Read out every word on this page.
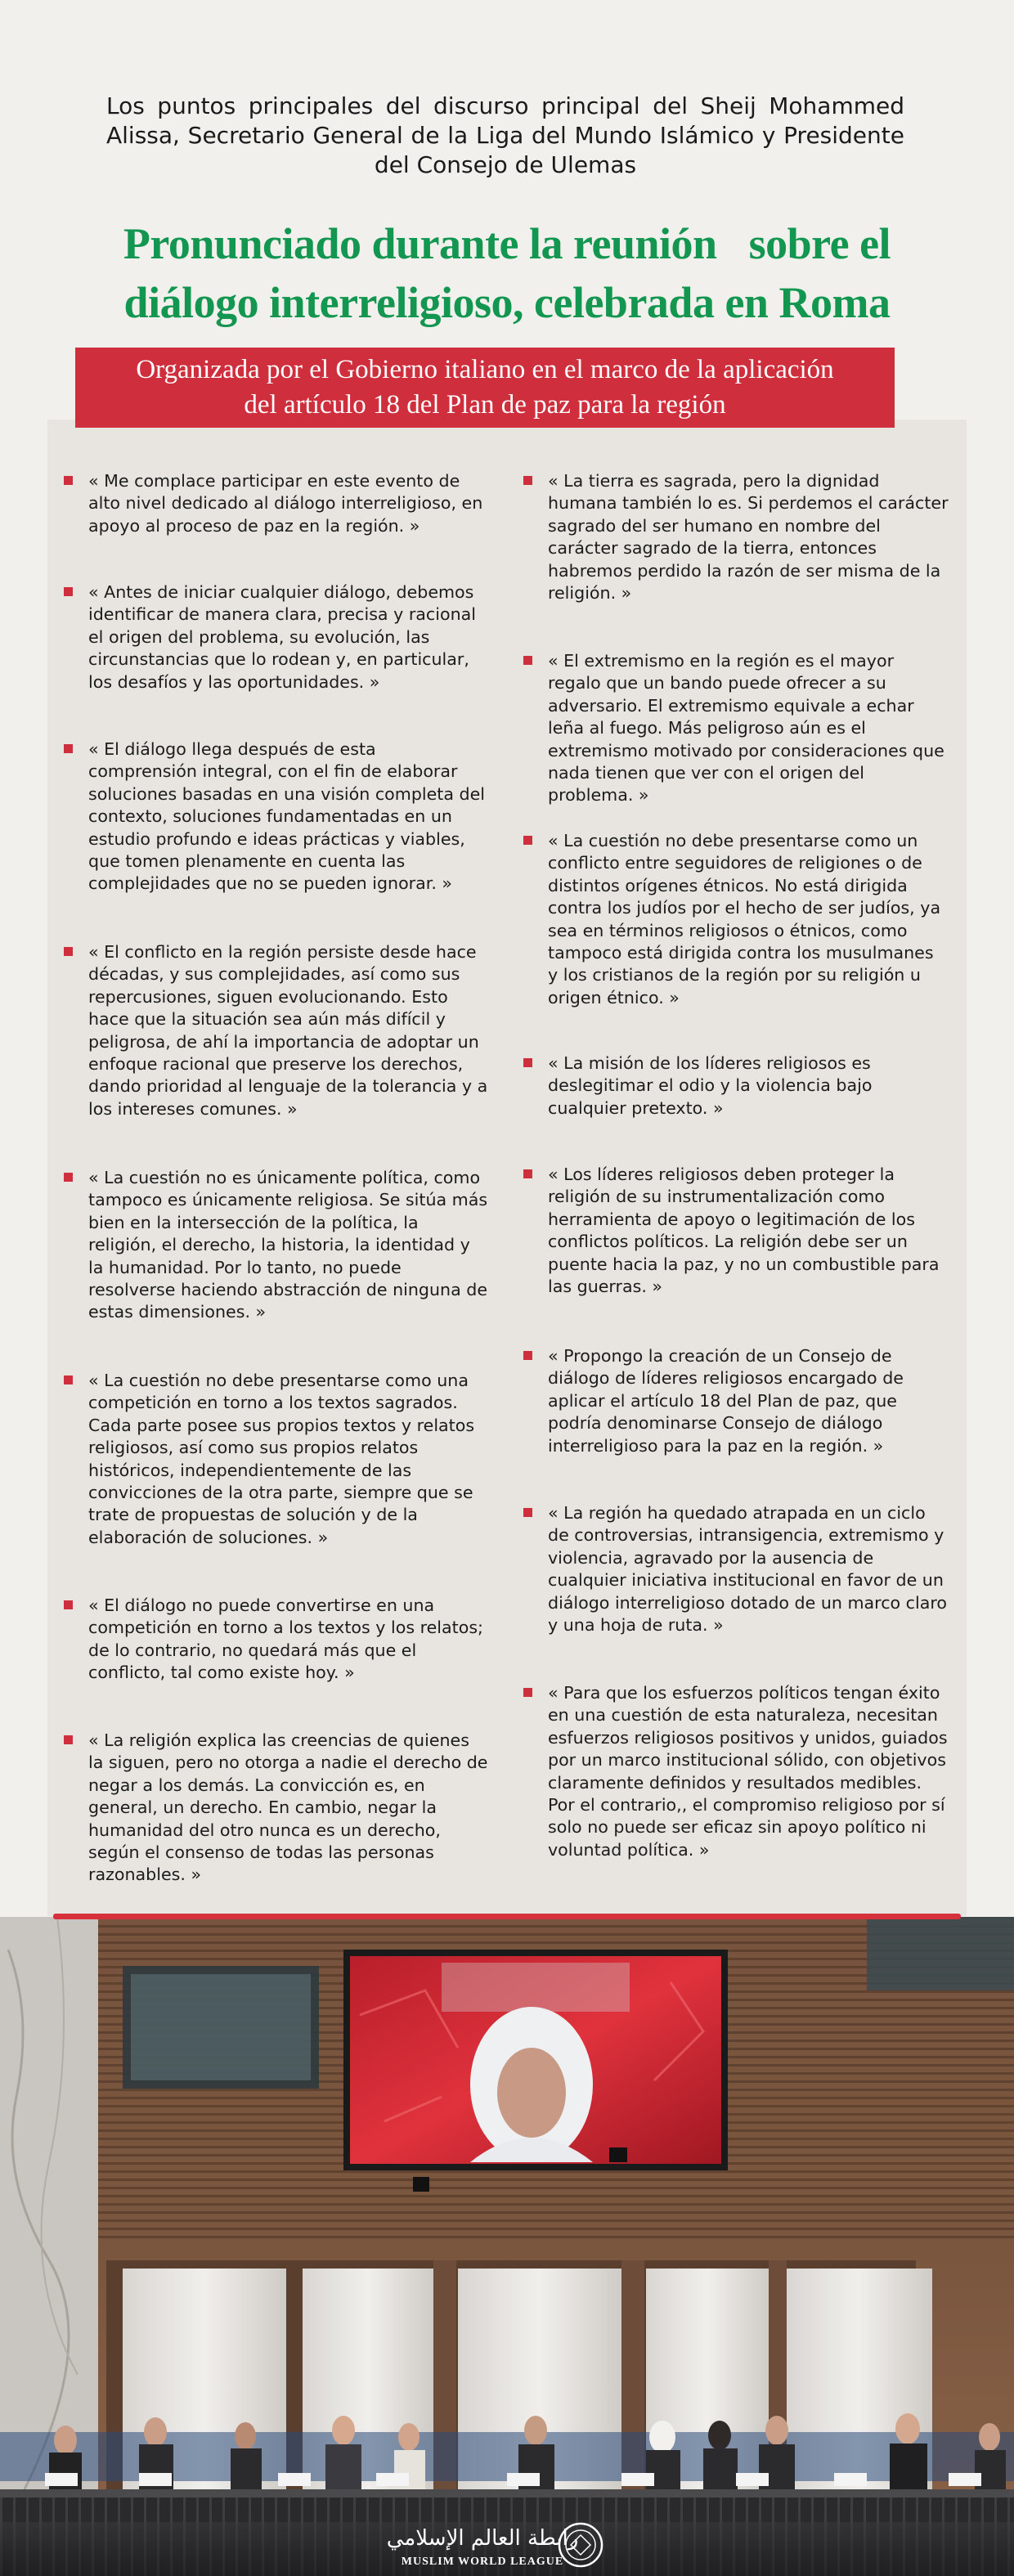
Los puntos principales del discurso principal del Sheij Mohammed Alissa, Secretario General de la Liga del Mundo Islámico y Presidente del Consejo de Ulemas
Pronunciado durante la reunión   sobre el
diálogo interreligioso, celebrada en Roma
Organizada por el Gobierno italiano en el marco de la aplicación
del artículo 18 del Plan de paz para la región
« Me complace participar en este evento de alto nivel dedicado al diálogo interreligioso, en apoyo al proceso de paz en la región. »
« Antes de iniciar cualquier diálogo, debemos identificar de manera clara, precisa y racional el origen del problema, su evolución, las circunstancias que lo rodean y, en particular, los desafíos y las oportunidades. »
« El diálogo llega después de esta comprensión integral, con el fin de elaborar soluciones basadas en una visión completa del contexto, soluciones fundamentadas en un estudio profundo e ideas prácticas y viables, que tomen plenamente en cuenta las complejidades que no se pueden ignorar. »
« El conflicto en la región persiste desde hace décadas, y sus complejidades, así como sus repercusiones, siguen evolucionando. Esto hace que la situación sea aún más difícil y peligrosa, de ahí la importancia de adoptar un enfoque racional que preserve los derechos, dando prioridad al lenguaje de la tolerancia y a los intereses comunes. »
« La cuestión no es únicamente política, como tampoco es únicamente religiosa. Se sitúa más bien en la intersección de la política, la religión, el derecho, la historia, la identidad y la humanidad. Por lo tanto, no puede resolverse haciendo abstracción de ninguna de estas dimensiones. »
« La cuestión no debe presentarse como una competición en torno a los textos sagrados. Cada parte posee sus propios textos y relatos religiosos, así como sus propios relatos históricos, independientemente de las convicciones de la otra parte, siempre que se trate de propuestas de solución y de la elaboración de soluciones. »
« El diálogo no puede convertirse en una competición en torno a los textos y los relatos; de lo contrario, no quedará más que el conflicto, tal como existe hoy. »
« La religión explica las creencias de quienes la siguen, pero no otorga a nadie el derecho de negar a los demás. La convicción es, en general, un derecho. En cambio, negar la humanidad del otro nunca es un derecho, según el consenso de todas las personas razonables. »
« La tierra es sagrada, pero la dignidad humana también lo es. Si perdemos el carácter sagrado del ser humano en nombre del carácter sagrado de la tierra, entonces habremos perdido la razón de ser misma de la religión. »
« El extremismo en la región es el mayor regalo que un bando puede ofrecer a su adversario. El extremismo equivale a echar leña al fuego. Más peligroso aún es el extremismo motivado por consideraciones que nada tienen que ver con el origen del problema. »
« La cuestión no debe presentarse como un conflicto entre seguidores de religiones o de distintos orígenes étnicos. No está dirigida contra los judíos por el hecho de ser judíos, ya sea en términos religiosos o étnicos, como tampoco está dirigida contra los musulmanes y los cristianos de la región por su religión u origen étnico. »
« La misión de los líderes religiosos es deslegitimar el odio y la violencia bajo cualquier pretexto. »
« Los líderes religiosos deben proteger la religión de su instrumentalización como herramienta de apoyo o legitimación de los conflictos políticos. La religión debe ser un puente hacia la paz, y no un combustible para las guerras. »
« Propongo la creación de un Consejo de diálogo de líderes religiosos encargado de aplicar el artículo 18 del Plan de paz, que podría denominarse Consejo de diálogo interreligioso para la paz en la región. »
« La región ha quedado atrapada en un ciclo de controversias, intransigencia, extremismo y violencia, agravado por la ausencia de cualquier iniciativa institucional en favor de un diálogo interreligioso dotado de un marco claro y una hoja de ruta. »
« Para que los esfuerzos políticos tengan éxito en una cuestión de esta naturaleza, necesitan esfuerzos religiosos positivos y unidos, guiados por un marco institucional sólido, con objetivos claramente definidos y resultados medibles. Por el contrario,, el compromiso religioso por sí solo no puede ser eficaz sin apoyo político ni voluntad política. »
رابطة العالم الإسلامي
MUSLIM WORLD LEAGUE
